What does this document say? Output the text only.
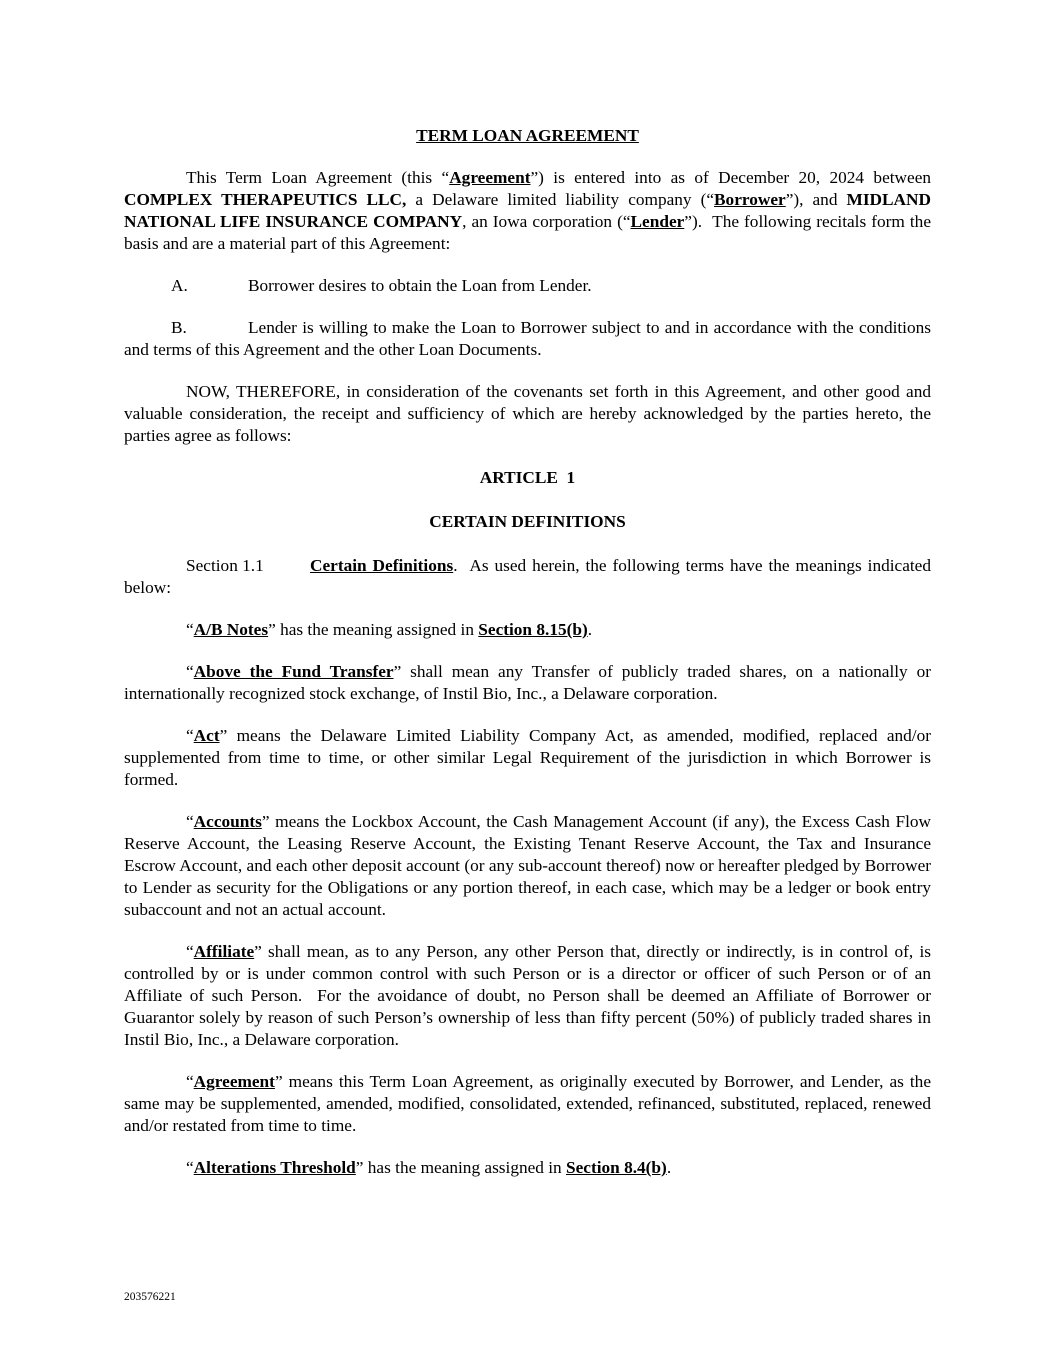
TERM LOAN AGREEMENT

This Term Loan Agreement (this “Agreement”) is entered into as of December 20, 2024 between COMPLEX THERAPEUTICS LLC, a Delaware limited liability company (“Borrower”), and MIDLAND NATIONAL LIFE INSURANCE COMPANY, an Iowa corporation (“Lender”).  The following recitals form the basis and are a material part of this Agreement:

A.	Borrower desires to obtain the Loan from Lender.

B.	Lender is willing to make the Loan to Borrower subject to and in accordance with the conditions and terms of this Agreement and the other Loan Documents.

NOW, THEREFORE, in consideration of the covenants set forth in this Agreement, and other good and valuable consideration, the receipt and sufficiency of which are hereby acknowledged by the parties hereto, the parties agree as follows:

ARTICLE  1
CERTAIN DEFINITIONS

Section 1.1	Certain Definitions.  As used herein, the following terms have the meanings indicated below:

“A/B Notes” has the meaning assigned in Section 8.15(b).

“Above the Fund Transfer” shall mean any Transfer of publicly traded shares, on a nationally or internationally recognized stock exchange, of Instil Bio, Inc., a Delaware corporation.

“Act” means the Delaware Limited Liability Company Act, as amended, modified, replaced and/or supplemented from time to time, or other similar Legal Requirement of the jurisdiction in which Borrower is formed.

“Accounts” means the Lockbox Account, the Cash Management Account (if any), the Excess Cash Flow Reserve Account, the Leasing Reserve Account, the Existing Tenant Reserve Account, the Tax and Insurance Escrow Account, and each other deposit account (or any sub-account thereof) now or hereafter pledged by Borrower to Lender as security for the Obligations or any portion thereof, in each case, which may be a ledger or book entry subaccount and not an actual account.

“Affiliate” shall mean, as to any Person, any other Person that, directly or indirectly, is in control of, is controlled by or is under common control with such Person or is a director or officer of such Person or of an Affiliate of such Person.  For the avoidance of doubt, no Person shall be deemed an Affiliate of Borrower or Guarantor solely by reason of such Person’s ownership of less than fifty percent (50%) of publicly traded shares in Instil Bio, Inc., a Delaware corporation.

“Agreement” means this Term Loan Agreement, as originally executed by Borrower, and Lender, as the same may be supplemented, amended, modified, consolidated, extended, refinanced, substituted, replaced, renewed and/or restated from time to time.

“Alterations Threshold” has the meaning assigned in Section 8.4(b).

203576221
